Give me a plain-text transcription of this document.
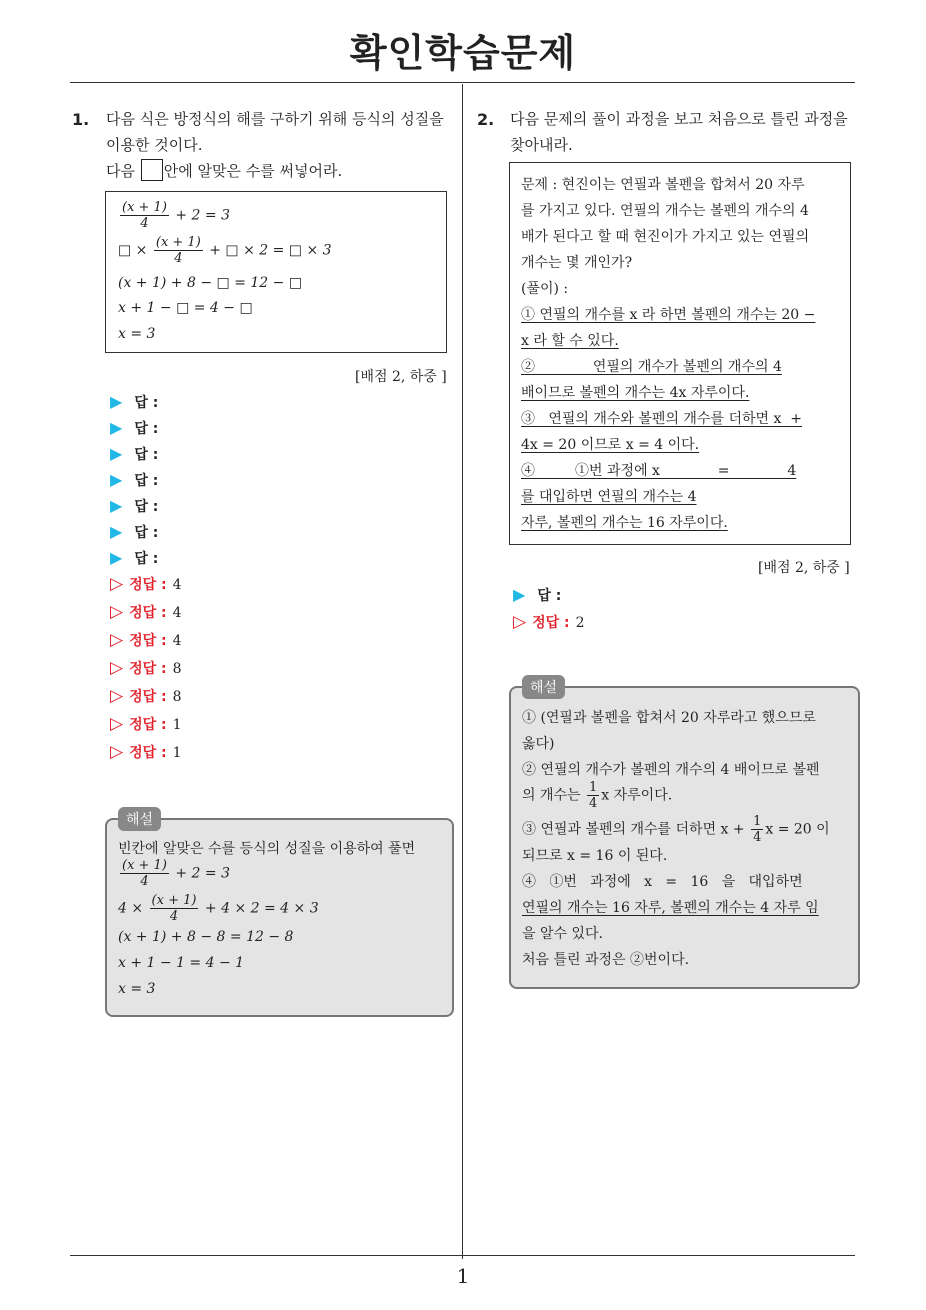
확인학습문제
1
1. 다음 식은 방정식의 해를 구하기 위해 등식의 성질을
이용한 것이다.
다음 안에 알맞은 수를 써넣어라.
$\frac{(x + 1)}{4} + 2 = 3$
□ × $\frac{(x + 1)}{4}$ + □ × 2 = □ × 3
(x + 1) + 8 − □ = 12 − □
x + 1 − □ = 4 − □
x = 3
[배점 2, 하중 ]
▶ 답 :
▶ 답 :
▶ 답 :
▶ 답 :
▶ 답 :
▶ 답 :
▶ 답 :
▷ 정답 : 4
▷ 정답 : 4
▷ 정답 : 4
▷ 정답 : 8
▷ 정답 : 8
▷ 정답 : 1
▷ 정답 : 1
해설
빈칸에 알맞은 수를 등식의 성질을 이용하여 풀면
$\frac{(x + 1)}{4} + 2 = 3$
$4 \times \frac{(x + 1)}{4} + 4 \times 2 = 4 \times 3$
(x + 1) + 8 − 8 = 12 − 8
x + 1 − 1 = 4 − 1
x = 3
2. 다음 문제의 풀이 과정을 보고 처음으로 틀린 과정을
찾아내라.
문제 : 현진이는 연필과 볼펜을 합쳐서 20 자루
를 가지고 있다. 연필의 개수는 볼펜의 개수의 4
배가 된다고 할 때 현진이가 가지고 있는 연필의
개수는 몇 개인가?
(풀이) :
① 연필의 개수를 x 라 하면 볼펜의 개수는 20 −
x 라 할 수 있다.
②             연필의 개수가 볼펜의 개수의 4
배이므로 볼펜의 개수는 4x 자루이다.
③   연필의 개수와 볼펜의 개수를 더하면 x  +
4x = 20 이므로 x = 4 이다.
④         ①번 과정에 x             =             4
를 대입하면 연필의 개수는 4
자루, 볼펜의 개수는 16 자루이다.
[배점 2, 하중 ]
▶ 답 :
▷ 정답 : 2
해설
① (연필과 볼펜을 합쳐서 20 자루라고 했으므로
옳다)
② 연필의 개수가 볼펜의 개수의 4 배이므로 볼펜
의 개수는 $\frac{1}{4}$ x 자루이다.
③ 연필과 볼펜의 개수를 더하면 $x + \frac{1}{4}$ x = 20 이
되므로 x = 16 이 된다.
④   ①번   과정에   x   =   16   을   대입하면
연필의 개수는 16 자루, 볼펜의 개수는 4 자루 임
을 알수 있다.
처음 틀린 과정은 ②번이다.
